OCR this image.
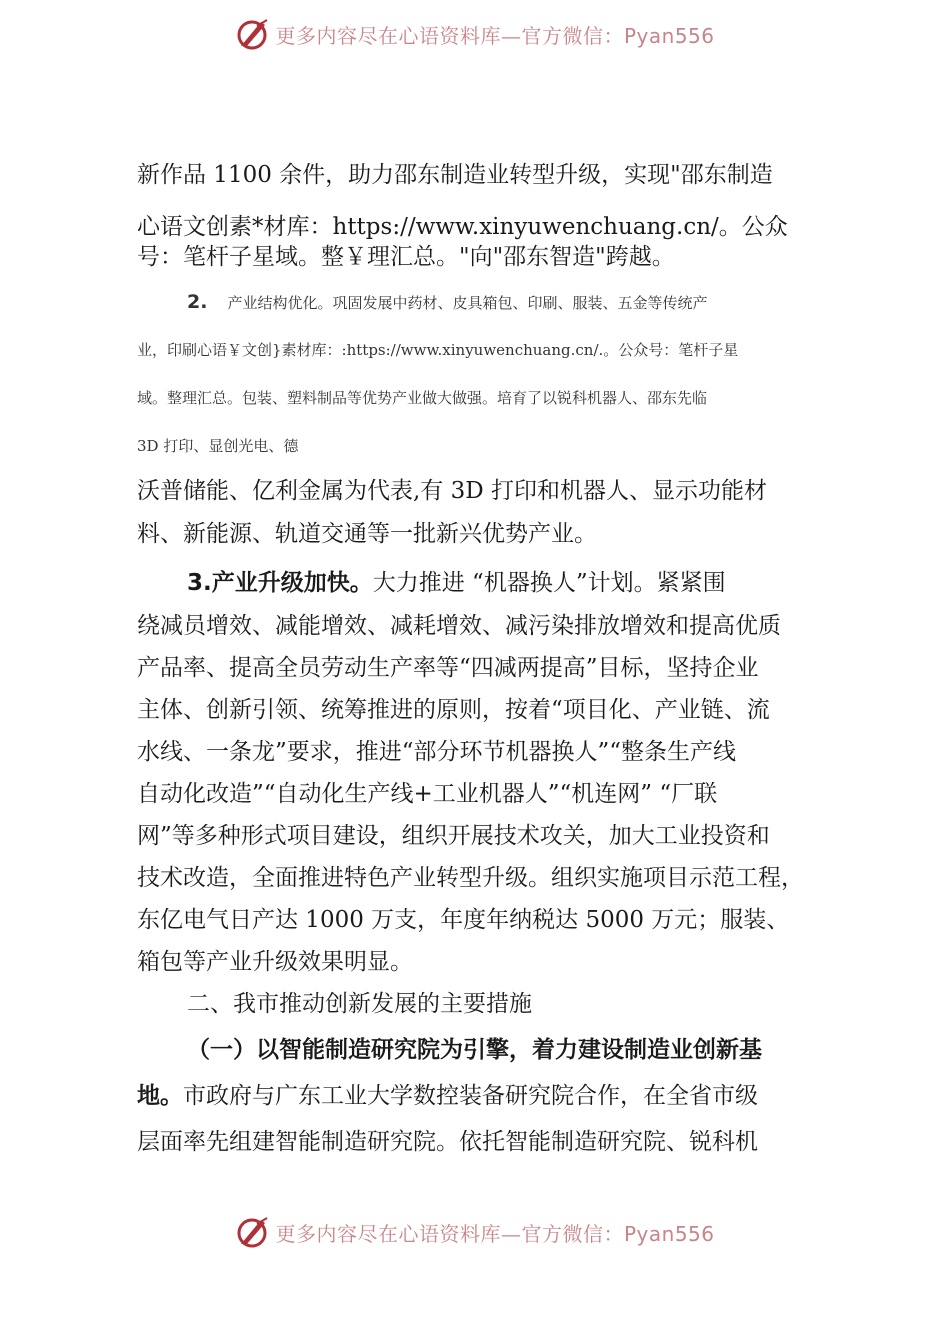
更多内容尽在心语资料库—官方微信：Pyan556
新作品 1100 余件，助力邵东制造业转型升级，实现"邵东制造
心语文创素*材库：https://www.xinyuwenchuang.cn/。公众
号：笔杆子星域。整￥理汇总。"向"邵东智造"跨越。
2. 产业结构优化。巩固发展中药材、皮具箱包、印刷、服装、五金等传统产
业，印刷心语￥文创}素材库：:https://www.xinyuwenchuang.cn/.。公众号：笔杆子星
域。整理汇总。包装、塑料制品等优势产业做大做强。培育了以锐科机器人、邵东先临
3D 打印、显创光电、德
沃普储能、亿利金属为代表,有 3D 打印和机器人、显示功能材
料、新能源、轨道交通等一批新兴优势产业。
3.产业升级加快。大力推进 “机器换人”计划。紧紧围
绕减员增效、减能增效、减耗增效、减污染排放增效和提高优质
产品率、提高全员劳动生产率等“四减两提高”目标，坚持企业
主体、创新引领、统筹推进的原则，按着“项目化、产业链、流
水线、一条龙”要求，推进“部分环节机器换人”“整条生产线
自动化改造”“自动化生产线+工业机器人”“机连网” “厂联
网”等多种形式项目建设，组织开展技术攻关，加大工业投资和
技术改造，全面推进特色产业转型升级。组织实施项目示范工程，
东亿电气日产达 1000 万支，年度年纳税达 5000 万元；服装、
箱包等产业升级效果明显。
二、我市推动创新发展的主要措施
（一）以智能制造研究院为引擎，着力建设制造业创新基
地。市政府与广东工业大学数控装备研究院合作，在全省市级
层面率先组建智能制造研究院。依托智能制造研究院、锐科机
更多内容尽在心语资料库—官方微信：Pyan556
